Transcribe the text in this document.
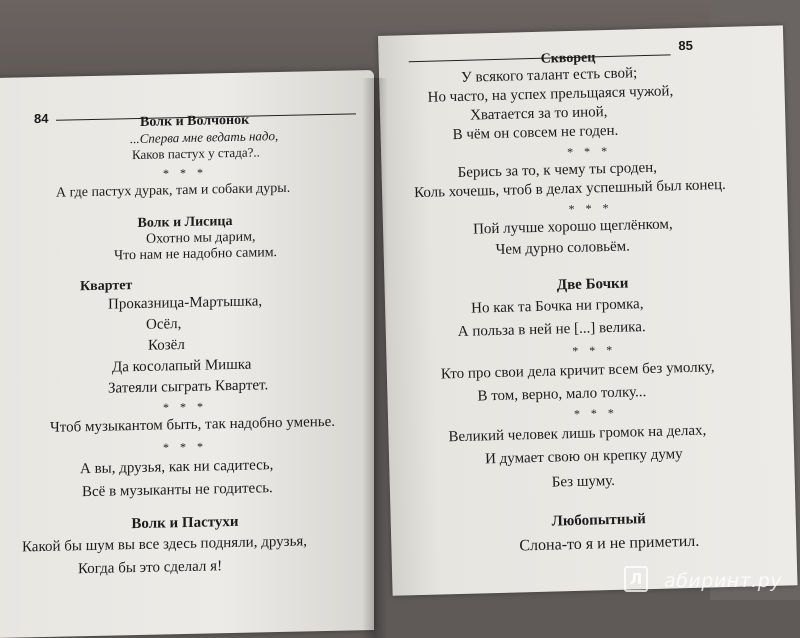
84	Волк и Волчонок
...Сперва мне ведать надо,
Каков пастух у стада?..
* * *
А где пастух дурак, там и собаки дуры.
Волк и Лисица
Охотно мы дарим,
Что нам не надобно самим.
Квартет
Проказница-Мартышка,
Осёл,
Козёл
Да косолапый Мишка
Затеяли сыграть Квартет.
* * *
Чтоб музыкантом быть, так надобно уменье.
* * *
А вы, друзья, как ни садитесь,
Всё в музыканты не годитесь.
Волк и Пастухи
Какой бы шум вы все здесь подняли, друзья,
Когда бы это сделал я!
85
Скворец
У всякого талант есть свой;
Но часто, на успех прельщаяся чужой,
Хватается за то иной,
В чём он совсем не годен.
* * *
Берись за то, к чему ты сроден,
Коль хочешь, чтоб в делах успешный был конец.
* * *
Пой лучше хорошо щеглёнком,
Чем дурно соловьём.
Две Бочки
Но как та Бочка ни громка,
А польза в ней не [...] велика.
* * *
Кто про свои дела кричит всем без умолку,
В том, верно, мало толку...
* * *
Великий человек лишь громок на делах,
И думает свою он крепку думу
Без шуму.
Любопытный
Слона-то я и не приметил.
Л	абиринт.ру
